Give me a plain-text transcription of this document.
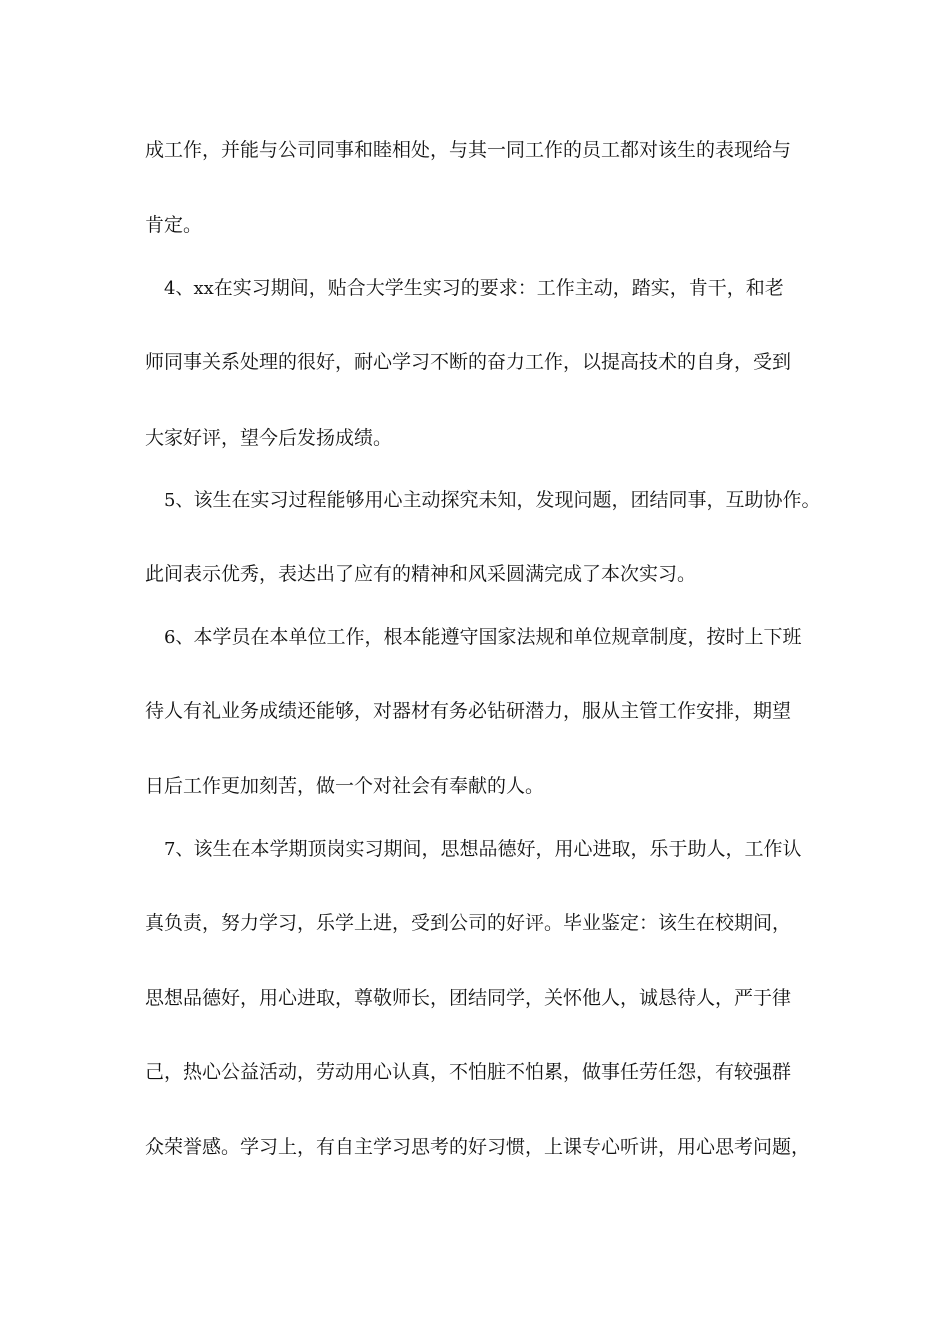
成工作，并能与公司同事和睦相处，与其一同工作的员工都对该生的表现给与
肯定。
4、xx在实习期间，贴合大学生实习的要求：工作主动，踏实，肯干，和老
师同事关系处理的很好，耐心学习不断的奋力工作，以提高技术的自身，受到
大家好评，望今后发扬成绩。
5、该生在实习过程能够用心主动探究未知，发现问题，团结同事，互助协作。
此间表示优秀，表达出了应有的精神和风采圆满完成了本次实习。
6、本学员在本单位工作，根本能遵守国家法规和单位规章制度，按时上下班
待人有礼业务成绩还能够，对器材有务必钻研潜力，服从主管工作安排，期望
日后工作更加刻苦，做一个对社会有奉献的人。
7、该生在本学期顶岗实习期间，思想品德好，用心进取，乐于助人，工作认
真负责，努力学习，乐学上进，受到公司的好评。毕业鉴定：该生在校期间，
思想品德好，用心进取，尊敬师长，团结同学，关怀他人，诚恳待人，严于律
己，热心公益活动，劳动用心认真，不怕脏不怕累，做事任劳任怨，有较强群
众荣誉感。学习上，有自主学习思考的好习惯，上课专心听讲，用心思考问题，
